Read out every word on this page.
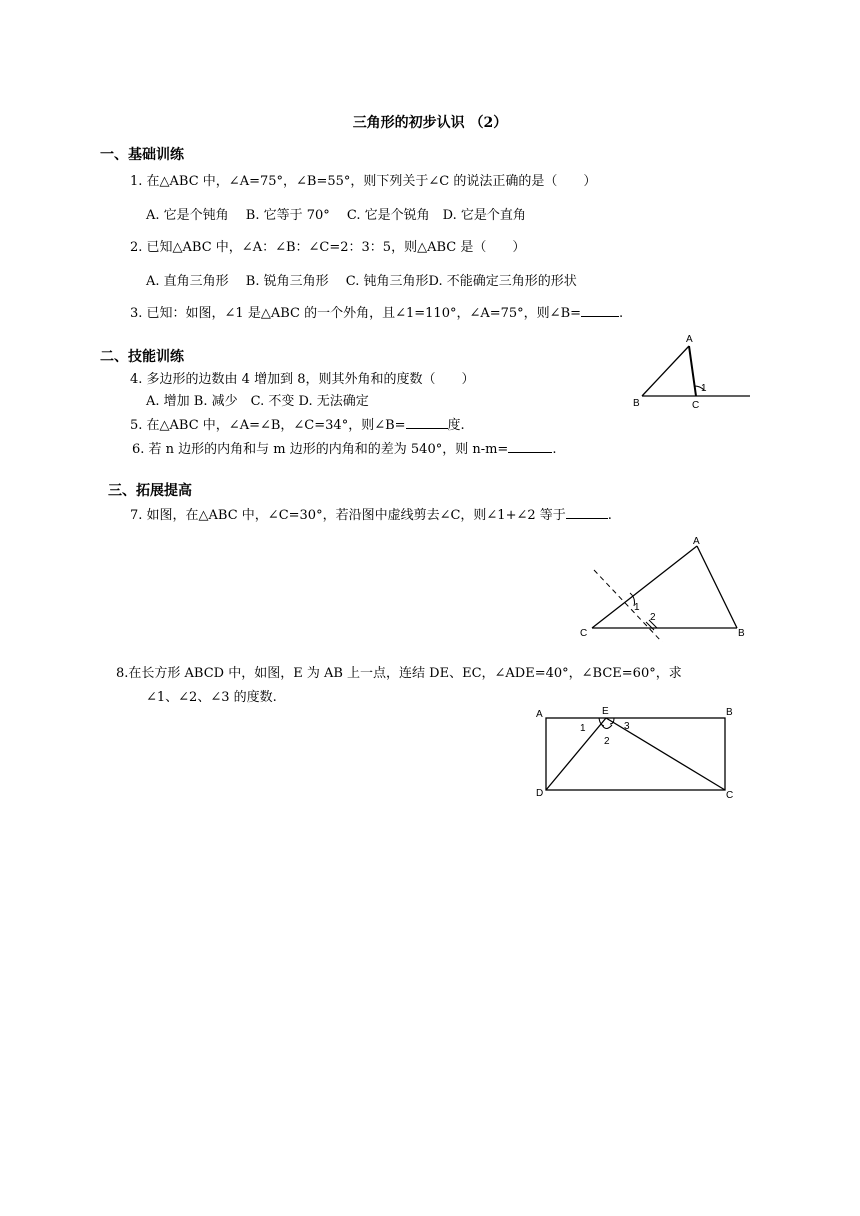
三角形的初步认识 （2）
一、基础训练
1. 在△ABC 中，∠A=75°，∠B=55°，则下列关于∠C 的说法正确的是（　　）
A. 它是个钝角　 B. 它等于 70°　 C. 它是个锐角　D. 它是个直角
2. 已知△ABC 中，∠A：∠B：∠C=2：3：5，则△ABC 是（　　）
A. 直角三角形　 B. 锐角三角形　 C. 钝角三角形D. 不能确定三角形的形状
3. 已知：如图，∠1 是△ABC 的一个外角，且∠1=110°，∠A=75°，则∠B=	.
二、技能训练
4. 多边形的边数由 4 增加到 8，则其外角和的度数（　　）
A. 增加 B. 减少　C. 不变 D. 无法确定
5. 在△ABC 中，∠A=∠B，∠C=34°，则∠B=	度.
6. 若 n 边形的内角和与 m 边形的内角和的差为 540°，则 n-m=	.
A
B	C
1
三、拓展提高
7. 如图，在△ABC 中，∠C=30°，若沿图中虚线剪去∠C，则∠1+∠2 等于	.
A
B
C
1
2
8.在长方形 ABCD 中，如图，E 为 AB 上一点，连结 DE、EC，∠ADE=40°，∠BCE=60°，求
∠1、∠2、∠3 的度数.
A	B
C
D
E
1
2
3
